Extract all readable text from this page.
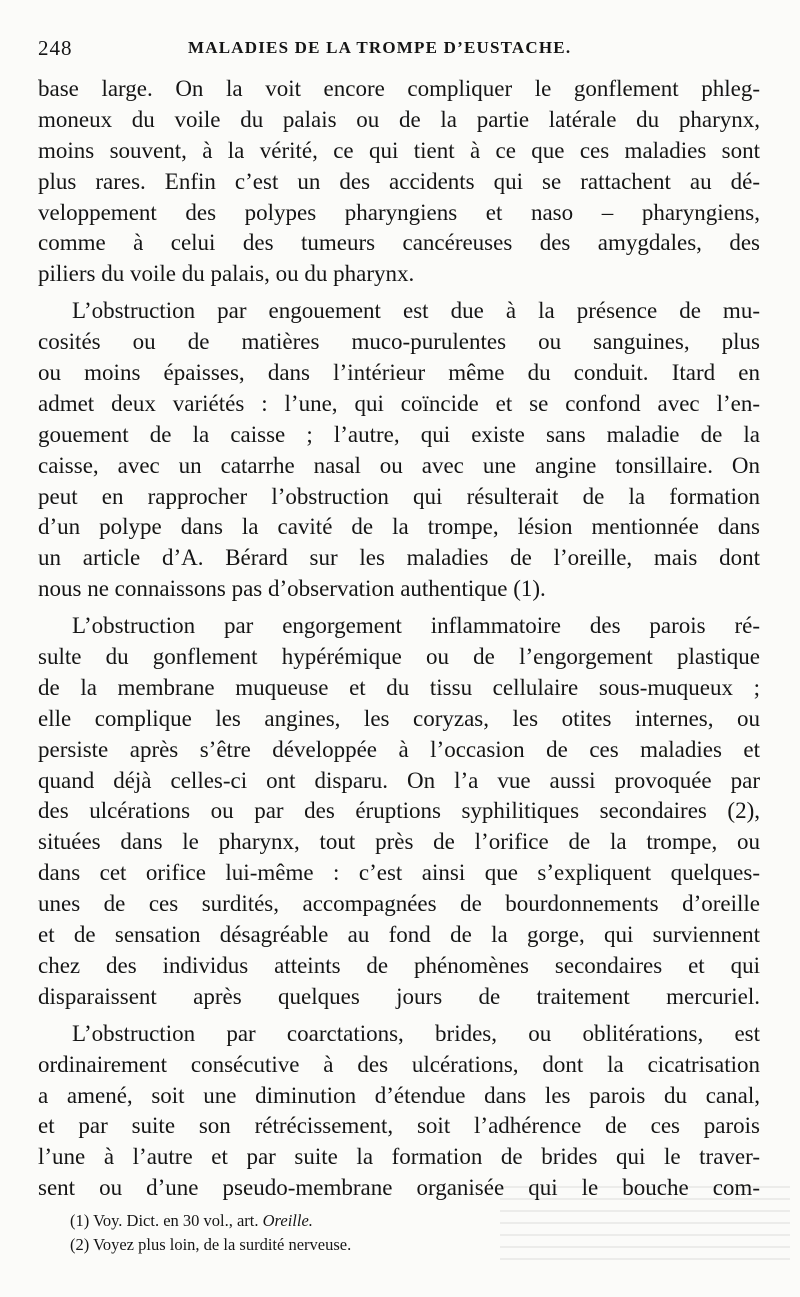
248	MALADIES DE LA TROMPE D’EUSTACHE.
base large. On la voit encore compliquer le gonflement phleg-
moneux du voile du palais ou de la partie latérale du pharynx,
moins souvent, à la vérité, ce qui tient à ce que ces maladies sont
plus rares. Enfin c’est un des accidents qui se rattachent au dé-
veloppement des polypes pharyngiens et naso – pharyngiens,
comme à celui des tumeurs cancéreuses des amygdales, des
piliers du voile du palais, ou du pharynx.
L’obstruction par engouement est due à la présence de mu-
cosités ou de matières muco-purulentes ou sanguines, plus
ou moins épaisses, dans l’intérieur même du conduit. Itard en
admet deux variétés : l’une, qui coïncide et se confond avec l’en-
gouement de la caisse ; l’autre, qui existe sans maladie de la
caisse, avec un catarrhe nasal ou avec une angine tonsillaire. On
peut en rapprocher l’obstruction qui résulterait de la formation
d’un polype dans la cavité de la trompe, lésion mentionnée dans
un article d’A. Bérard sur les maladies de l’oreille, mais dont
nous ne connaissons pas d’observation authentique (1).
L’obstruction par engorgement inflammatoire des parois ré-
sulte du gonflement hypérémique ou de l’engorgement plastique
de la membrane muqueuse et du tissu cellulaire sous-muqueux ;
elle complique les angines, les coryzas, les otites internes, ou
persiste après s’être développée à l’occasion de ces maladies et
quand déjà celles-ci ont disparu. On l’a vue aussi provoquée par
des ulcérations ou par des éruptions syphilitiques secondaires (2),
situées dans le pharynx, tout près de l’orifice de la trompe, ou
dans cet orifice lui-même : c’est ainsi que s’expliquent quelques-
unes de ces surdités, accompagnées de bourdonnements d’oreille
et de sensation désagréable au fond de la gorge, qui surviennent
chez des individus atteints de phénomènes secondaires et qui
disparaissent après quelques jours de traitement mercuriel.
L’obstruction par coarctations, brides, ou oblitérations, est
ordinairement consécutive à des ulcérations, dont la cicatrisation
a amené, soit une diminution d’étendue dans les parois du canal,
et par suite son rétrécissement, soit l’adhérence de ces parois
l’une à l’autre et par suite la formation de brides qui le traver-
sent ou d’une pseudo-membrane organisée qui le bouche com-
(1) Voy. Dict. en 30 vol., art. Oreille.
(2) Voyez plus loin, de la surdité nerveuse.
